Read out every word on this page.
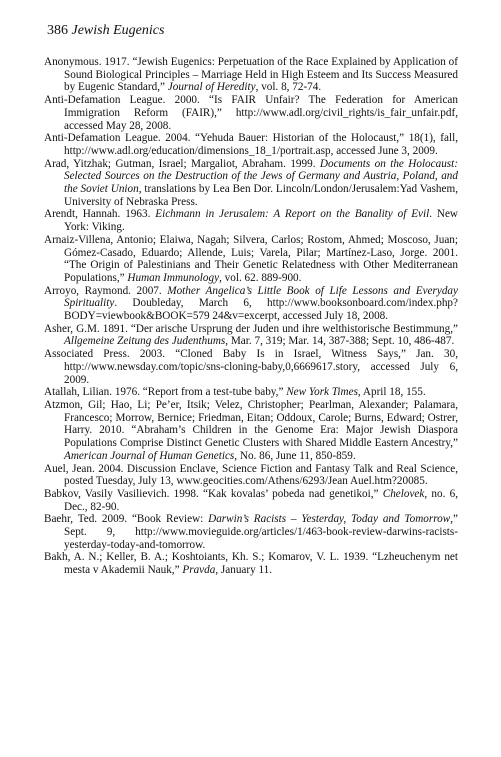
386 Jewish Eugenics

Anonymous. 1917. “Jewish Eugenics: Perpetuation of the Race Explained by Application of Sound Biological Principles – Marriage Held in High Esteem and Its Success Measured by Eugenic Standard,” Journal of Heredity, vol. 8, 72-74.

Anti-Defamation League. 2000. “Is FAIR Unfair? The Federation for American Immigration Reform (FAIR),” http://www.adl.org/civil_rights/is_fair_unfair.pdf, accessed May 28, 2008.

Anti-Defamation League. 2004. “Yehuda Bauer: Historian of the Holocaust,” 18(1), fall, http://www.adl.org/education/dimensions_18_1/portrait.asp, accessed June 3, 2009.

Arad, Yitzhak; Gutman, Israel; Margaliot, Abraham. 1999. Documents on the Holocaust: Selected Sources on the Destruction of the Jews of Germany and Austria, Poland, and the Soviet Union, translations by Lea Ben Dor. Lincoln/London/Jerusalem:Yad Vashem, University of Nebraska Press.

Arendt, Hannah. 1963. Eichmann in Jerusalem: A Report on the Banality of Evil. New York: Viking.

Arnaiz-Villena, Antonio; Elaiwa, Nagah; Silvera, Carlos; Rostom, Ahmed; Moscoso, Juan; Gómez-Casado, Eduardo; Allende, Luis; Varela, Pilar; Martínez-Laso, Jorge. 2001. “The Origin of Palestinians and Their Genetic Relatedness with Other Mediterranean Populations,” Human Immunology, vol. 62. 889-900.

Arroyo, Raymond. 2007. Mother Angelica’s Little Book of Life Lessons and Everyday Spirituality. Doubleday, March 6, http://www.booksonboard.com/index.php?BODY=viewbook&BOOK=579 24&v=excerpt, accessed July 18, 2008.

Asher, G.M. 1891. “Der arische Ursprung der Juden und ihre welthistorische Bestimmung,” Allgemeine Zeitung des Judenthums, Mar. 7, 319; Mar. 14, 387-388; Sept. 10, 486-487.

Associated Press. 2003. “Cloned Baby Is in Israel, Witness Says,” Jan. 30, http://www.newsday.com/topic/sns-cloning-baby,0,6669617.story, accessed July 6, 2009.

Atallah, Lilian. 1976. “Report from a test-tube baby,” New York Times, April 18, 155.

Atzmon, Gil; Hao, Li; Pe’er, Itsik; Velez, Christopher; Pearlman, Alexander; Palamara, Francesco; Morrow, Bernice; Friedman, Eitan; Oddoux, Carole; Burns, Edward; Ostrer, Harry. 2010. “Abraham’s Children in the Genome Era: Major Jewish Diaspora Populations Comprise Distinct Genetic Clusters with Shared Middle Eastern Ancestry,” American Journal of Human Genetics, No. 86, June 11, 850-859.

Auel, Jean. 2004. Discussion Enclave, Science Fiction and Fantasy Talk and Real Science, posted Tuesday, July 13, www.geocities.com/Athens/6293/Jean Auel.htm?20085.

Babkov, Vasily Vasilievich. 1998. “Kak kovalas’ pobeda nad genetikoi,” Chelovek, no. 6, Dec., 82-90.

Baehr, Ted. 2009. “Book Review: Darwin’s Racists – Yesterday, Today and Tomorrow,” Sept. 9, http://www.movieguide.org/articles/1/463-book-review-darwins-racists-yesterday-today-and-tomorrow.

Bakh, A. N.; Keller, B. A.; Koshtoiants, Kh. S.; Komarov, V. L. 1939. “Lzheuchenym net mesta v Akademii Nauk,” Pravda, January 11.
